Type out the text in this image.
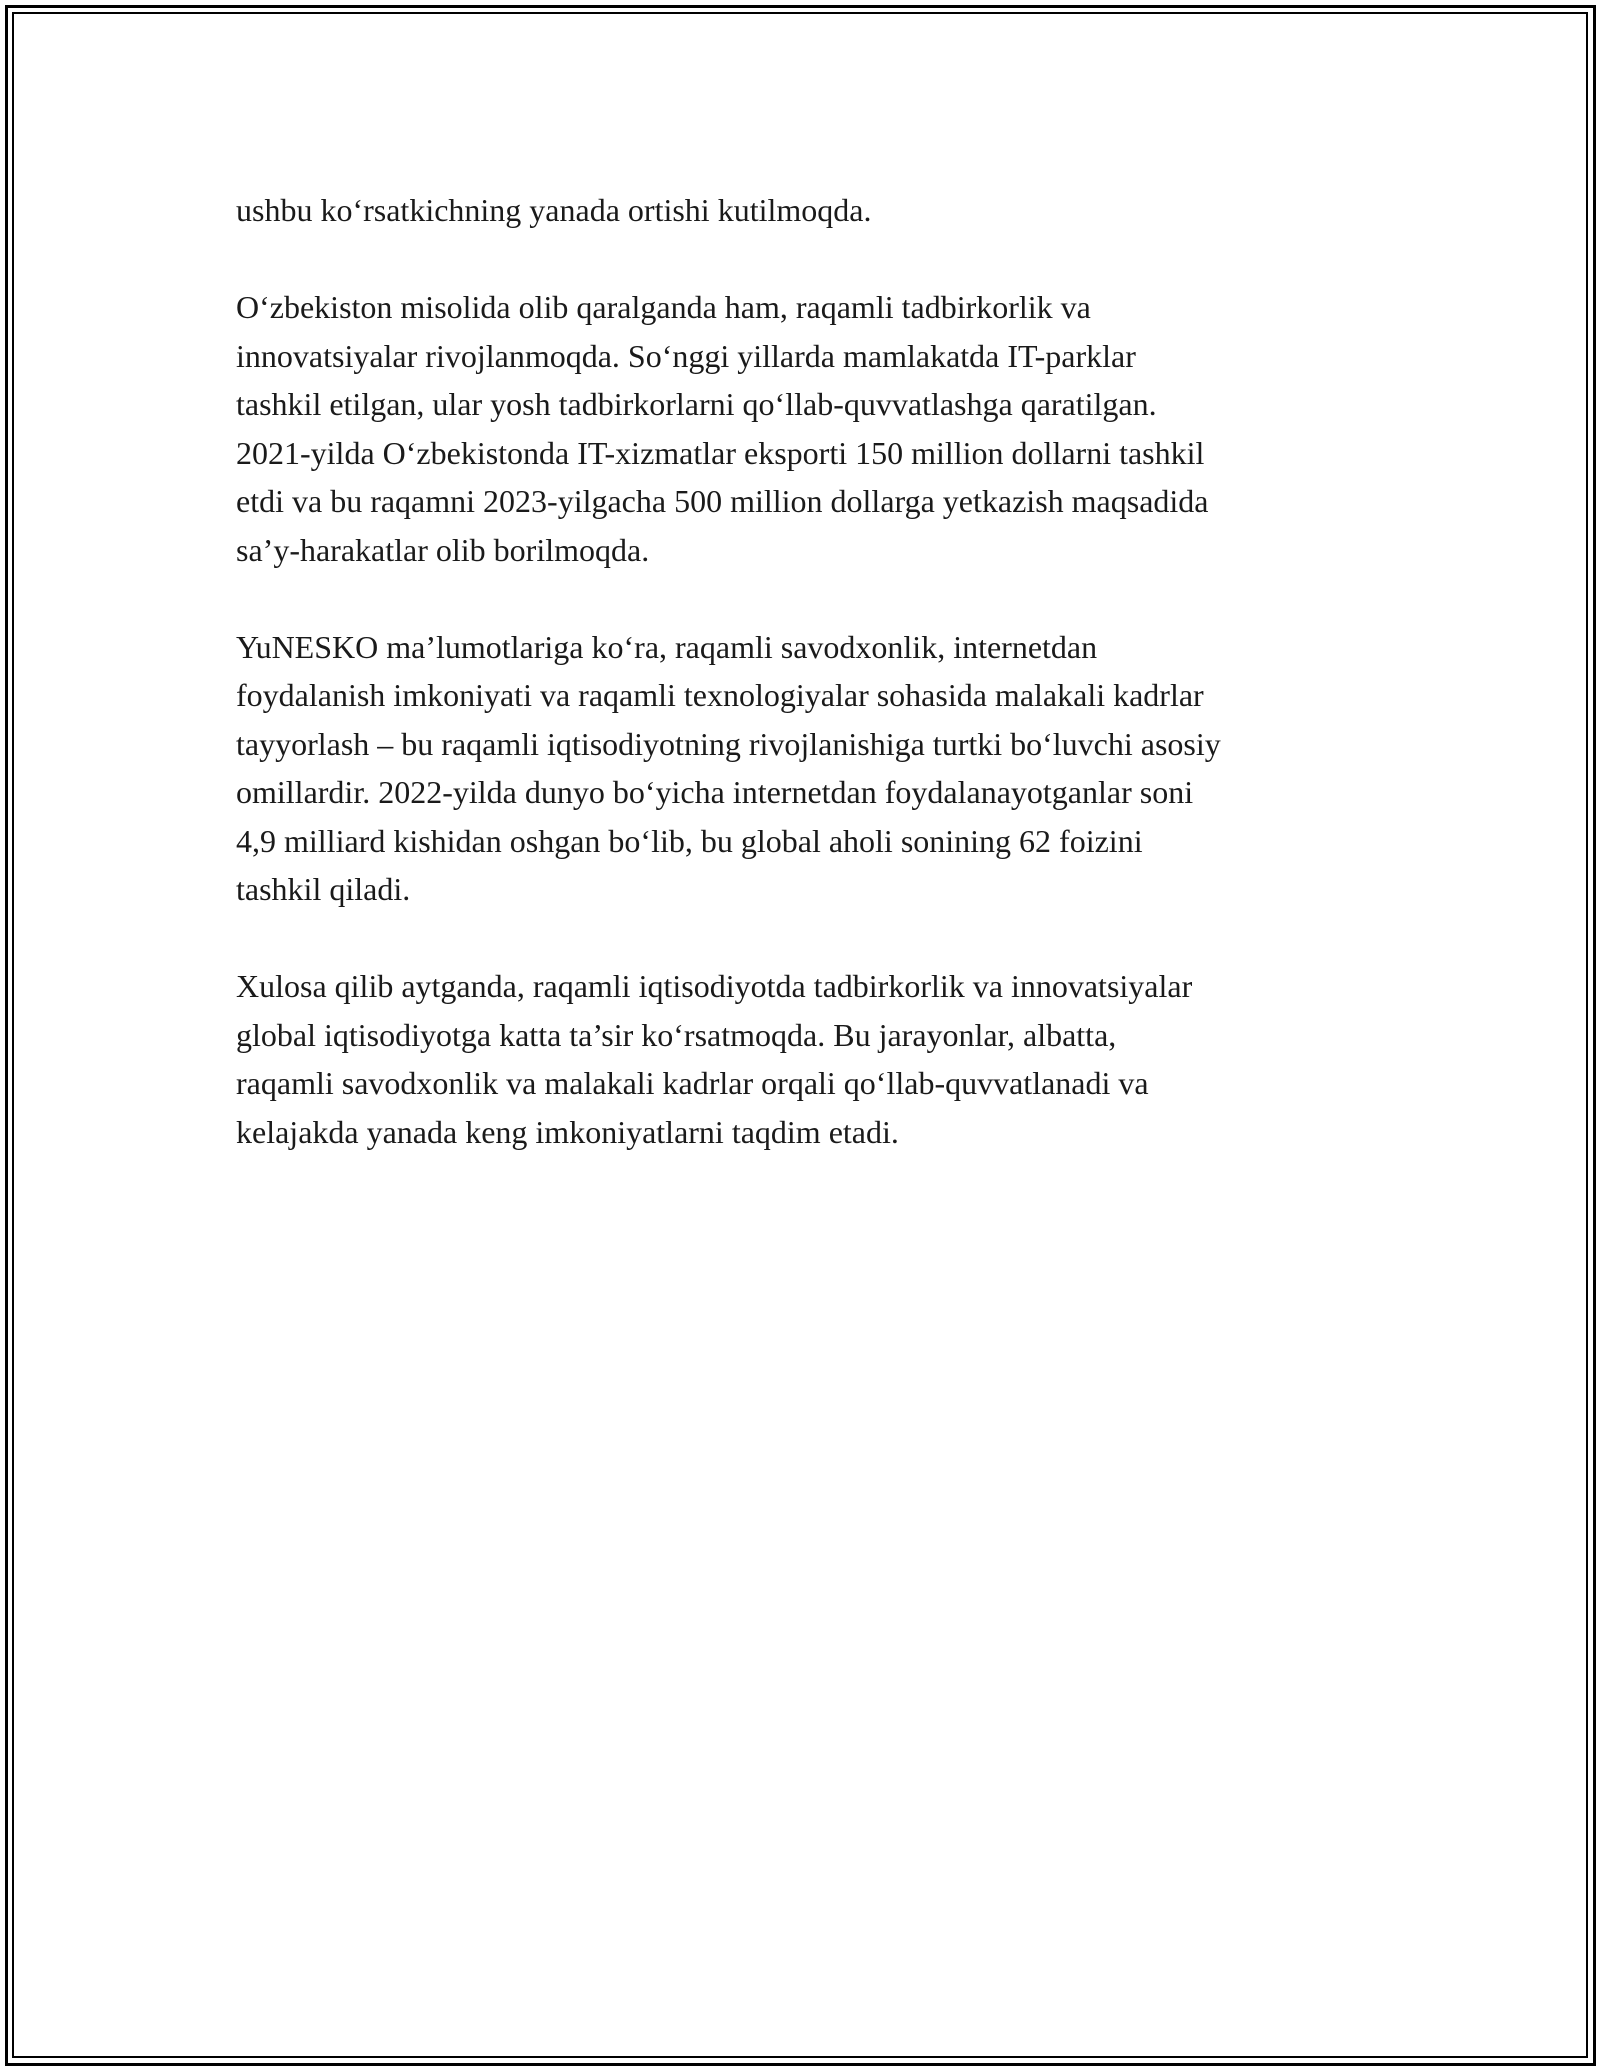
ushbu ko‘rsatkichning yanada ortishi kutilmoqda.

O‘zbekiston misolida olib qaralganda ham, raqamli tadbirkorlik va
innovatsiyalar rivojlanmoqda. So‘nggi yillarda mamlakatda IT-parklar
tashkil etilgan, ular yosh tadbirkorlarni qo‘llab-quvvatlashga qaratilgan.
2021-yilda O‘zbekistonda IT-xizmatlar eksporti 150 million dollarni tashkil
etdi va bu raqamni 2023-yilgacha 500 million dollarga yetkazish maqsadida
sa’y-harakatlar olib borilmoqda.

YuNESKO ma’lumotlariga ko‘ra, raqamli savodxonlik, internetdan
foydalanish imkoniyati va raqamli texnologiyalar sohasida malakali kadrlar
tayyorlash – bu raqamli iqtisodiyotning rivojlanishiga turtki bo‘luvchi asosiy
omillardir. 2022-yilda dunyo bo‘yicha internetdan foydalanayotganlar soni
4,9 milliard kishidan oshgan bo‘lib, bu global aholi sonining 62 foizini
tashkil qiladi.

Xulosa qilib aytganda, raqamli iqtisodiyotda tadbirkorlik va innovatsiyalar
global iqtisodiyotga katta ta’sir ko‘rsatmoqda. Bu jarayonlar, albatta,
raqamli savodxonlik va malakali kadrlar orqali qo‘llab-quvvatlanadi va
kelajakda yanada keng imkoniyatlarni taqdim etadi.
